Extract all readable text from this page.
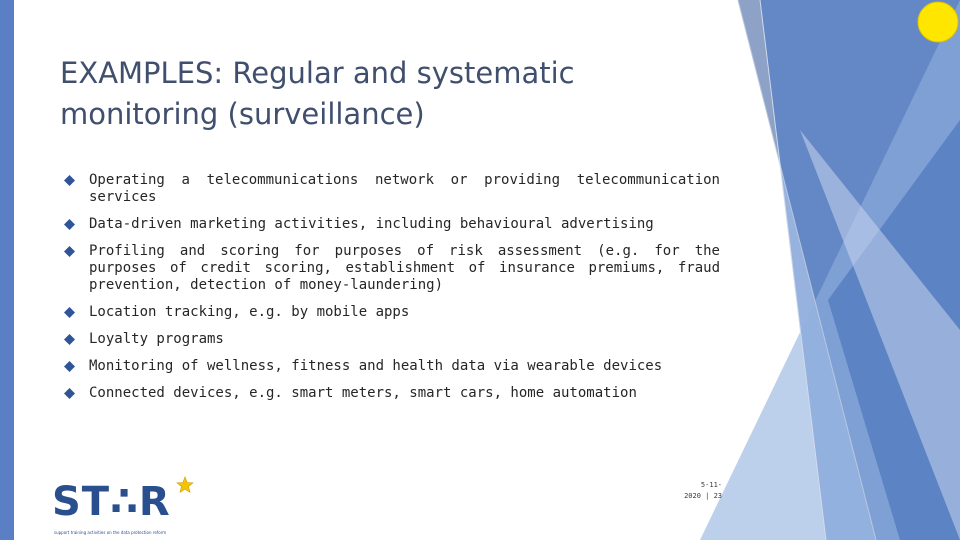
EXAMPLES: Regular and systematic monitoring (surveillance)
Operating a telecommunications network or providing telecommunication services
Data-driven marketing activities, including behavioural advertising
Profiling and scoring for purposes of risk assessment (e.g. for the purposes of credit scoring, establishment of insurance premiums, fraud prevention, detection of money-laundering)
Location tracking, e.g. by mobile apps
Loyalty programs
Monitoring of wellness, fitness and health data via wearable devices
Connected devices, e.g. smart meters, smart cars, home automation
ST∴R
support training activities on the data protection reform
5-11-
2020 | 23
